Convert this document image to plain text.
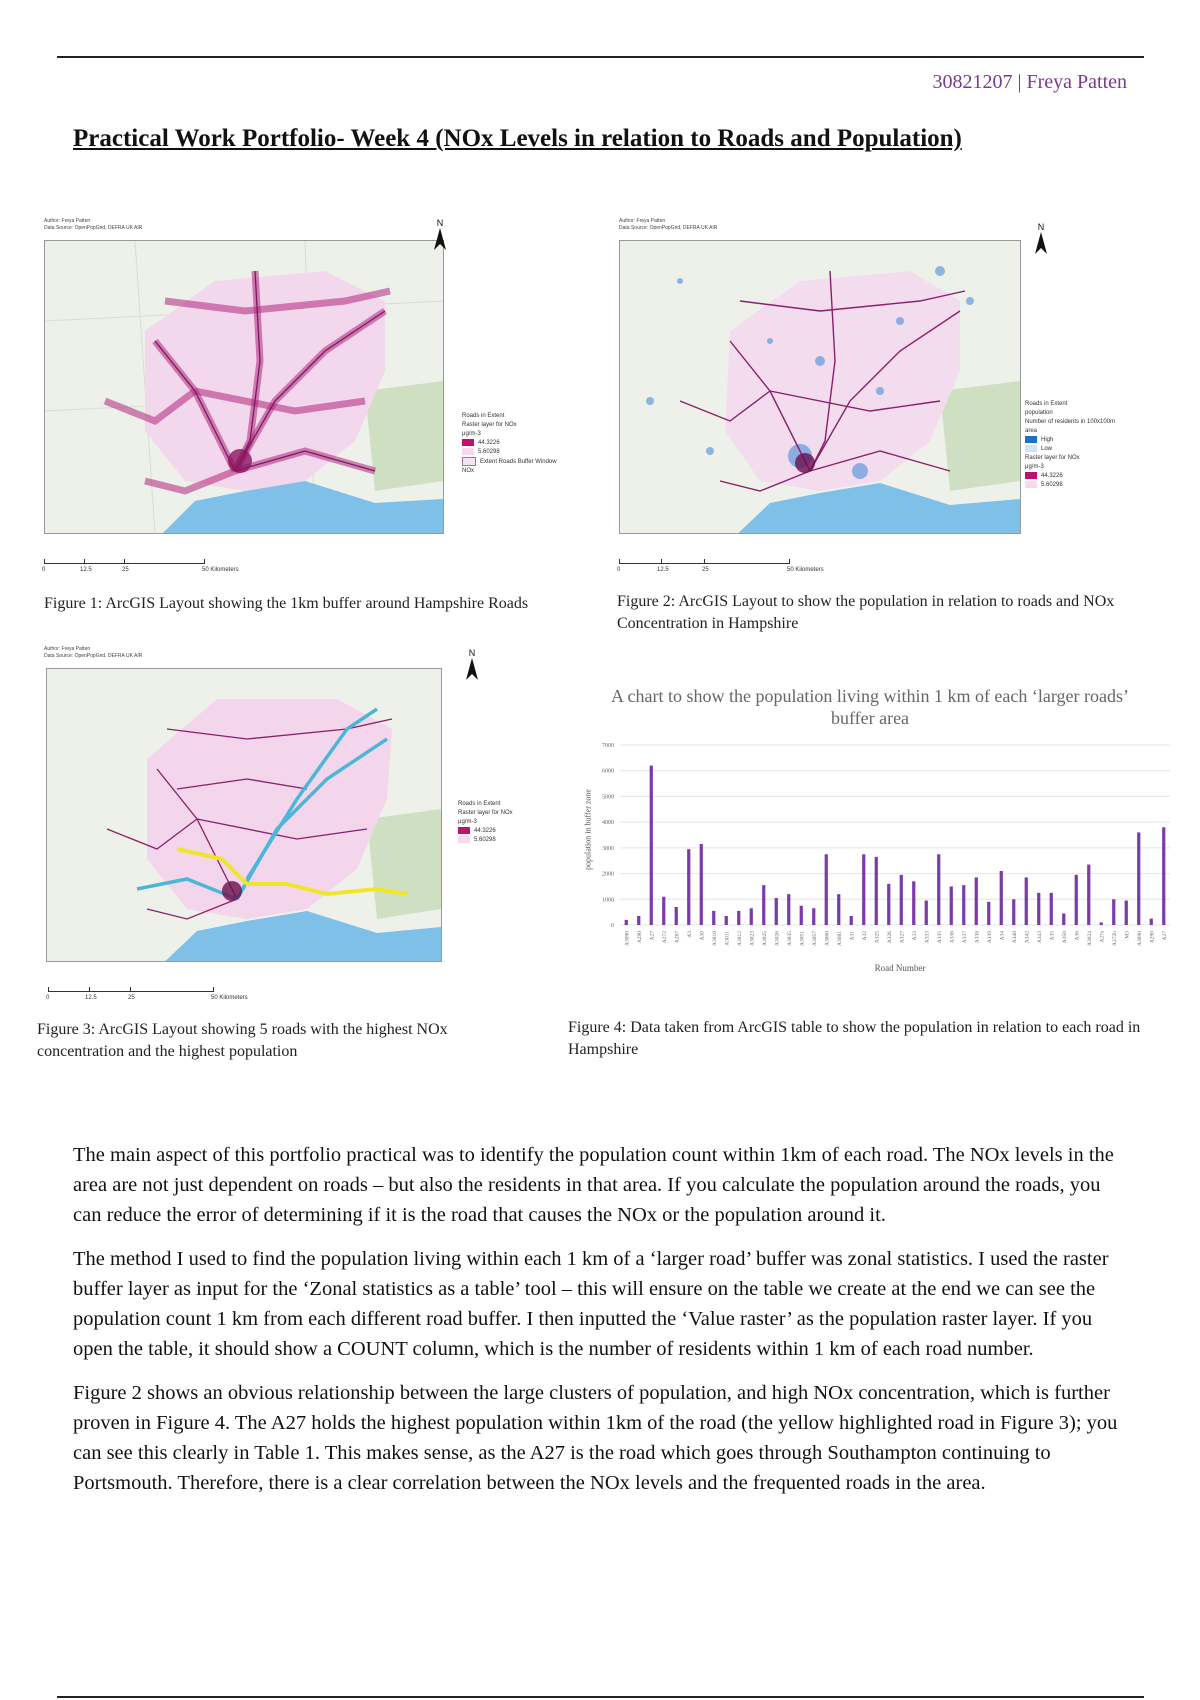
30821207 | Freya Patten
Practical Work Portfolio- Week 4 (NOx Levels in relation to Roads and Population)
Author: Freya Patten
Data Source: OpenPopGrid, DEFRA UK AIR	N
Roads in Extent
Raster layer for NOx
μg/m-3
44.3226
5.60298
Extent Roads Buffer Window NOx
0	12.5	25	50 Kilometers
Figure 1: ArcGIS Layout showing the 1km buffer around Hampshire Roads
Author: Freya Patten
Data Source: OpenPopGrid, DEFRA UK AIR	N
Roads in Extent
population
Number of residents in 100x100m area
High
Low
Raster layer for NOx
μg/m-3
44.3226
5.60298
0	12.5	25	50 Kilometers
Figure 2: ArcGIS Layout to show the population in relation to roads and NOx Concentration in Hampshire
Author: Freya Patten
Data Source: OpenPopGrid, DEFRA UK AIR	N
Roads in Extent
Raster layer for NOx
μg/m-3
44.3226
5.60298
0	12.5	25	50 Kilometers
Figure 3: ArcGIS Layout showing 5 roads with the highest NOx concentration and the highest population
A chart to show the population living within 1 km of each ‘larger roads’ buffer area
0
1000
2000
3000
4000
5000
6000
7000
A3090 A290 A27 A272 A287 A3 A30 A3010 A3011 A3012 A3023 A3025 A3026 A3035 A3051 A3057 A3060 A3081 A31 A32 A325 A326 A327 A33 A333 A335 A336 A337 A338 A339 A34 A340 A342 A343 A35 A350 A36 A3024 A27s A272b M3 A3090 A290 A27
population in buffer zone
Road Number
Figure 4: Data taken from ArcGIS table to show the population in relation to each road in Hampshire

The main aspect of this portfolio practical was to identify the population count within 1km of each road. The NOx levels in the area are not just dependent on roads – but also the residents in that area. If you calculate the population around the roads, you can reduce the error of determining if it is the road that causes the NOx or the population around it.

The method I used to find the population living within each 1 km of a ‘larger road’ buffer was zonal statistics. I used the raster buffer layer as input for the ‘Zonal statistics as a table’ tool – this will ensure on the table we create at the end we can see the population count 1 km from each different road buffer. I then inputted the ‘Value raster’ as the population raster layer. If you open the table, it should show a COUNT column, which is the number of residents within 1 km of each road number.

Figure 2 shows an obvious relationship between the large clusters of population, and high NOx concentration, which is further proven in Figure 4. The A27 holds the highest population within 1km of the road (the yellow highlighted road in Figure 3); you can see this clearly in Table 1. This makes sense, as the A27 is the road which goes through Southampton continuing to Portsmouth. Therefore, there is a clear correlation between the NOx levels and the frequented roads in the area.
